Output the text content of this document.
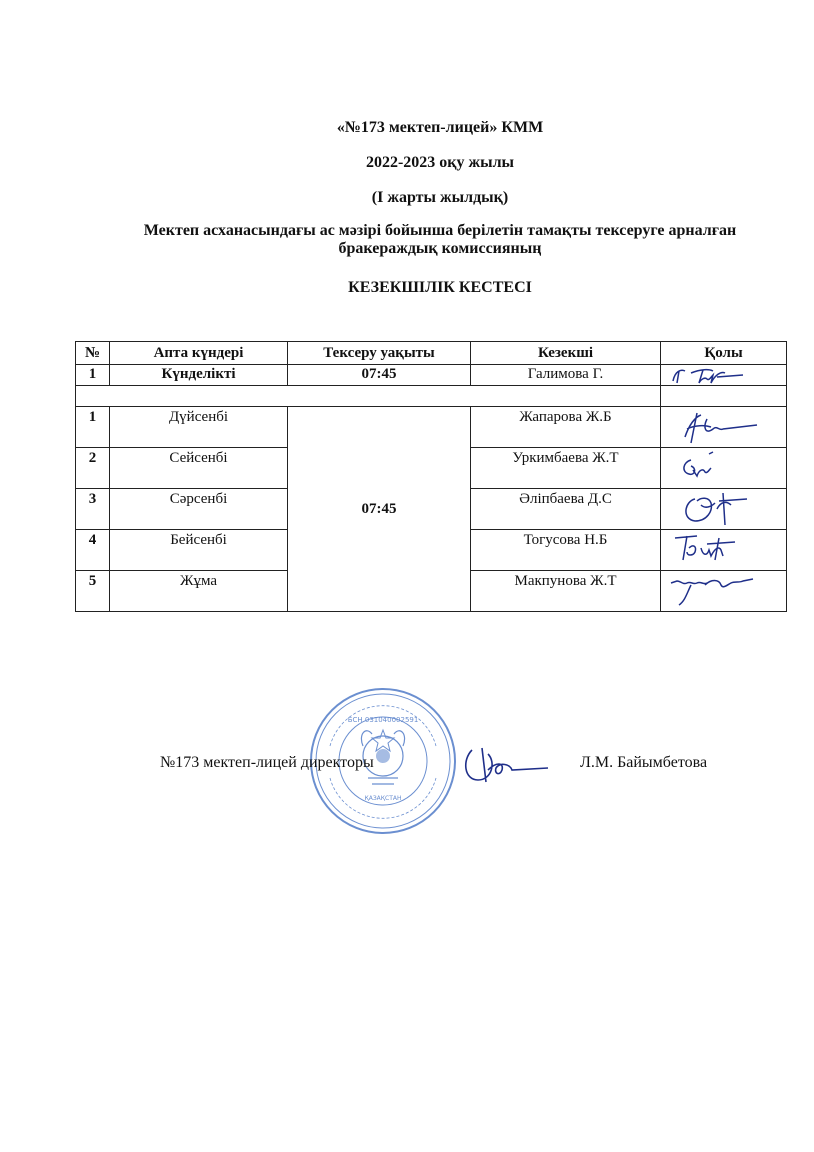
«№173 мектеп-лицей» КММ
2022-2023 оқу жылы
(І жарты жылдық)
Мектеп асханасындағы ас мәзірі бойынша берілетін тамақты тексеруге арналған бракераждық комиссияның
КЕЗЕКШІЛІК КЕСТЕСІ
№	Апта күндері	Тексеру уақыты	Кезекші	Қолы
1	Күнделікті	07:45	Галимова Г.	

1	Дүйсенбі	07:45	Жапарова Ж.Б	

2	Сейсенбі		Уркимбаева Ж.Т	

3	Сәрсенбі		Әліпбаева Д.С	

4	Бейсенбі		Тогусова Н.Б	

5	Жұма		Макпунова Ж.Т	
БСН 031040002591
ҚАЗАҚСТАН
№173 мектеп-лицей директоры	Л.М. Байымбетова
